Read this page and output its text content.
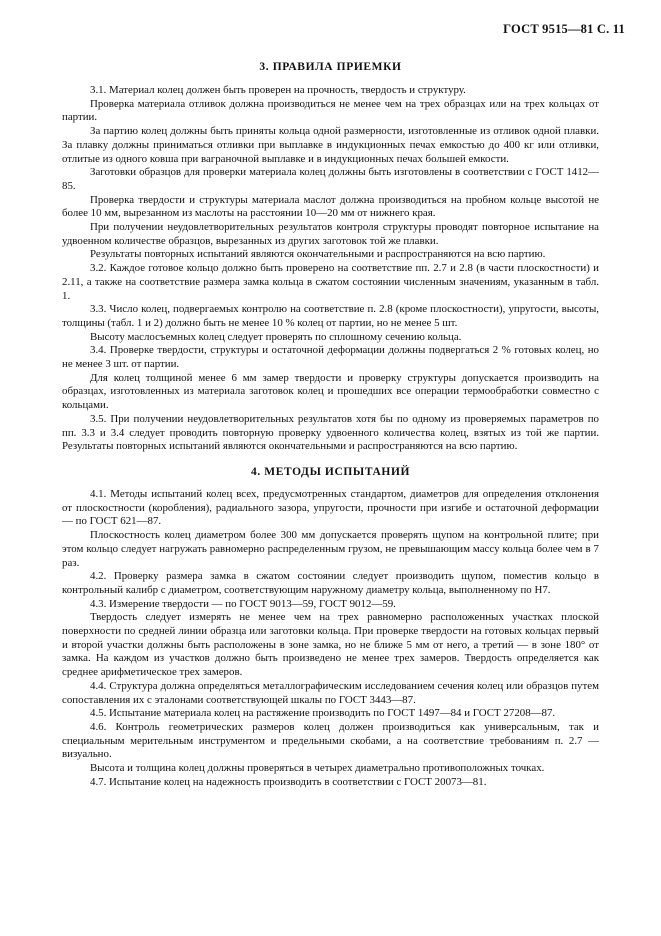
ГОСТ 9515—81 С. 11
3. ПРАВИЛА ПРИЕМКИ

3.1. Материал колец должен быть проверен на прочность, твердость и структуру.

Проверка материала отливок должна производиться не менее чем на трех образцах или на трех кольцах от партии.

За партию колец должны быть приняты кольца одной размерности, изготовленные из отливок одной плавки. За плавку должны приниматься отливки при выплавке в индукционных печах емкостью до 400 кг или отливки, отлитые из одного ковша при ваграночной выплавке и в индукционных печах большей емкости.

Заготовки образцов для проверки материала колец должны быть изготовлены в соответствии с ГОСТ 1412—85.

Проверка твердости и структуры материала маслот должна производиться на пробном кольце высотой не более 10 мм, вырезанном из маслоты на расстоянии 10—20 мм от нижнего края.

При получении неудовлетворительных результатов контроля структуры проводят повторное испытание на удвоенном количестве образцов, вырезанных из других заготовок той же плавки.

Результаты повторных испытаний являются окончательными и распространяются на всю партию.

3.2. Каждое готовое кольцо должно быть проверено на соответствие пп. 2.7 и 2.8 (в части плоскостности) и 2.11, а также на соответствие размера замка кольца в сжатом состоянии численным значениям, указанным в табл. 1.

3.3. Число колец, подвергаемых контролю на соответствие п. 2.8 (кроме плоскостности), упругости, высоты, толщины (табл. 1 и 2) должно быть не менее 10 % колец от партии, но не менее 5 шт.

Высоту маслосъемных колец следует проверять по сплошному сечению кольца.

3.4. Проверке твердости, структуры и остаточной деформации должны подвергаться 2 % готовых колец, но не менее 3 шт. от партии.

Для колец толщиной менее 6 мм замер твердости и проверку структуры допускается производить на образцах, изготовленных из материала заготовок колец и прошедших все операции термообработки совместно с кольцами.

3.5. При получении неудовлетворительных результатов хотя бы по одному из проверяемых параметров по пп. 3.3 и 3.4 следует проводить повторную проверку удвоенного количества колец, взятых из той же партии. Результаты повторных испытаний являются окончательными и распространяются на всю партию.

4. МЕТОДЫ ИСПЫТАНИЙ

4.1. Методы испытаний колец всех, предусмотренных стандартом, диаметров для определения отклонения от плоскостности (коробления), радиального зазора, упругости, прочности при изгибе и остаточной деформации — по ГОСТ 621—87.

Плоскостность колец диаметром более 300 мм допускается проверять щупом на контрольной плите; при этом кольцо следует нагружать равномерно распределенным грузом, не превышающим массу кольца более чем в 7 раз.

4.2. Проверку размера замка в сжатом состоянии следует производить щупом, поместив кольцо в контрольный калибр с диаметром, соответствующим наружному диаметру кольца, выполненному по Н7.

4.3. Измерение твердости — по ГОСТ 9013—59, ГОСТ 9012—59.

Твердость следует измерять не менее чем на трех равномерно расположенных участках плоской поверхности по средней линии образца или заготовки кольца. При проверке твердости на готовых кольцах первый и второй участки должны быть расположены в зоне замка, но не ближе 5 мм от него, а третий — в зоне 180° от замка. На каждом из участков должно быть произведено не менее трех замеров. Твердость определяется как среднее арифметическое трех замеров.

4.4. Структура должна определяться металлографическим исследованием сечения колец или образцов путем сопоставления их с эталонами соответствующей шкалы по ГОСТ 3443—87.

4.5. Испытание материала колец на растяжение производить по ГОСТ 1497—84 и ГОСТ 27208—87.

4.6. Контроль геометрических размеров колец должен производиться как универсальным, так и специальным мерительным инструментом и предельными скобами, а на соответствие требованиям п. 2.7 — визуально.

Высота и толщина колец должны проверяться в четырех диаметрально противоположных точках.

4.7. Испытание колец на надежность производить в соответствии с ГОСТ 20073—81.
